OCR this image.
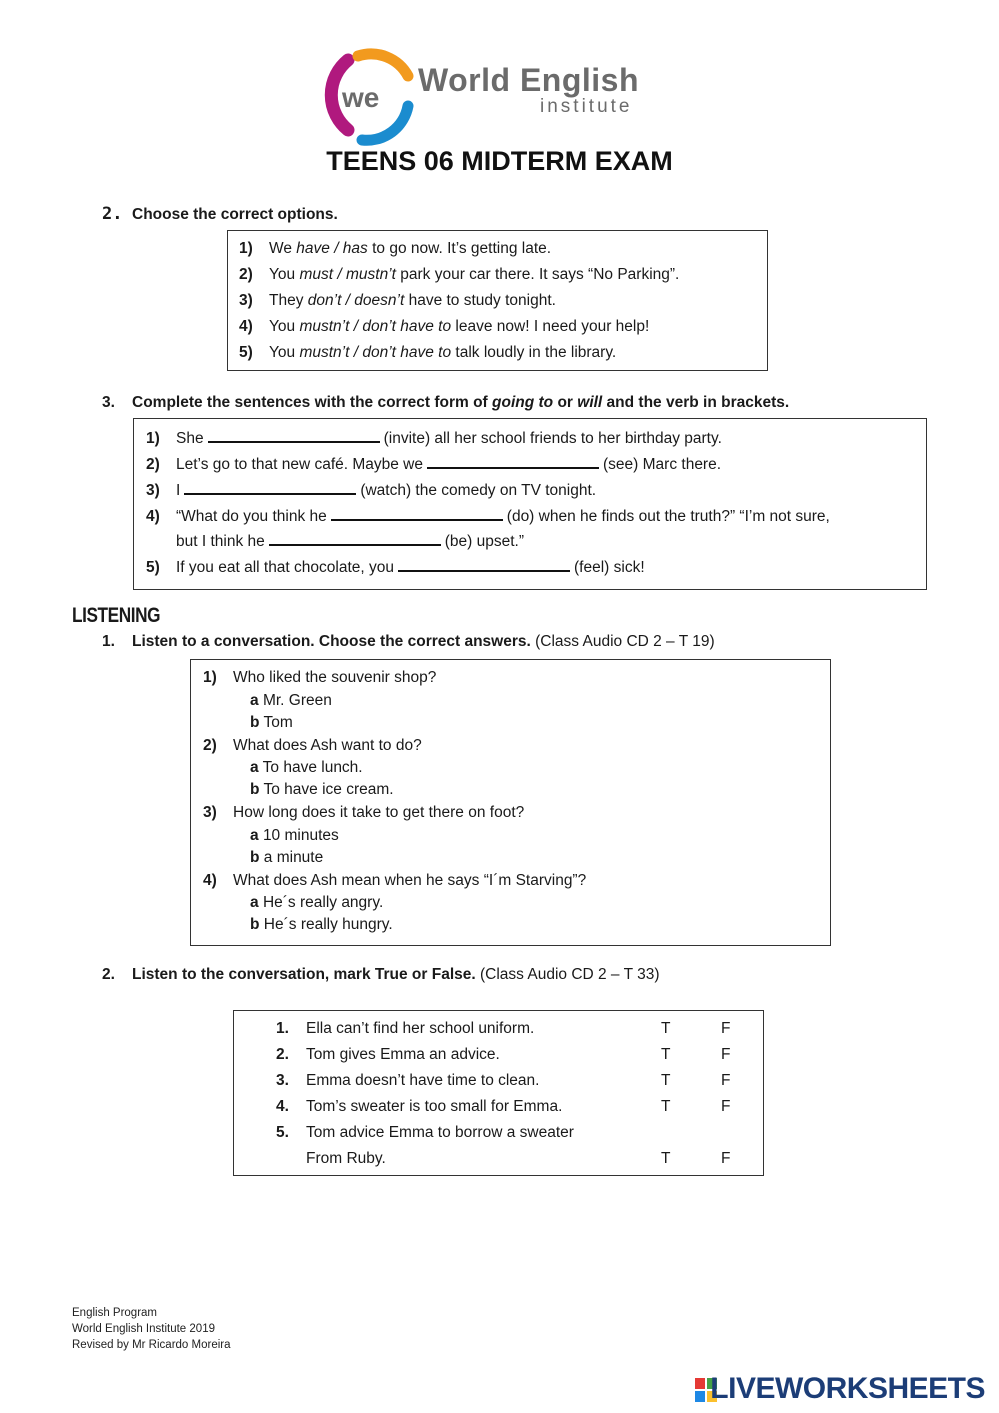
we World English
institute
TEENS 06 MIDTERM EXAM
2. Choose the correct options.
1) We have / has to go now. It’s getting late.
2) You must / mustn’t park your car there. It says “No Parking”.
3) They don’t / doesn’t have to study tonight.
4) You mustn’t / don’t have to leave now! I need your help!
5) You mustn’t / don’t have to talk loudly in the library.
3. Complete the sentences with the correct form of going to or will and the verb in brackets.
1) She	(invite) all her school friends to her birthday party.
2) Let’s go to that new café. Maybe we	(see) Marc there.
3) I	(watch) the comedy on TV tonight.
4) “What do you think he	(do) when he finds out the truth?” “I’m not sure,
but I think he	(be) upset.”
5) If you eat all that chocolate, you	(feel) sick!
LISTENING
1. Listen to a conversation. Choose the correct answers. (Class Audio CD 2 – T 19)
1) Who liked the souvenir shop?
a Mr. Green
b Tom
2) What does Ash want to do?
a To have lunch.
b To have ice cream.
3) How long does it take to get there on foot?
a 10 minutes
b a minute
4) What does Ash mean when he says “I´m Starving”?
a He´s really angry.
b He´s really hungry.
2. Listen to the conversation, mark True or False. (Class Audio CD 2 – T 33)
1. Ella can’t find her school uniform.	T	F
2. Tom gives Emma an advice.	T	F
3. Emma doesn’t have time to clean.	T	F
4. Tom’s sweater is too small for Emma.	T	F
5. Tom advice Emma to borrow a sweater
From Ruby.	T	F
English Program
World English Institute 2019
Revised by Mr Ricardo Moreira
LIVEWORKSHEETS
